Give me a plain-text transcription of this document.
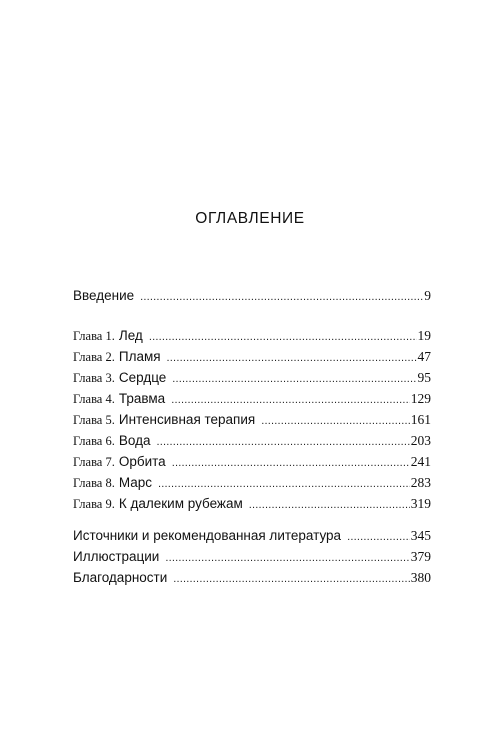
ОГЛАВЛЕНИЕ
Введение .....	9
Глава 1. Лед .....	19
Глава 2. Пламя .....	47
Глава 3. Сердце .....	95
Глава 4. Травма .....	129
Глава 5. Интенсивная терапия .....	161
Глава 6. Вода .....	203
Глава 7. Орбита .....	241
Глава 8. Марс .....	283
Глава 9. К далеким рубежам .....	319
Источники и рекомендованная литература .....	345
Иллюстрации .....	379
Благодарности .....	380
